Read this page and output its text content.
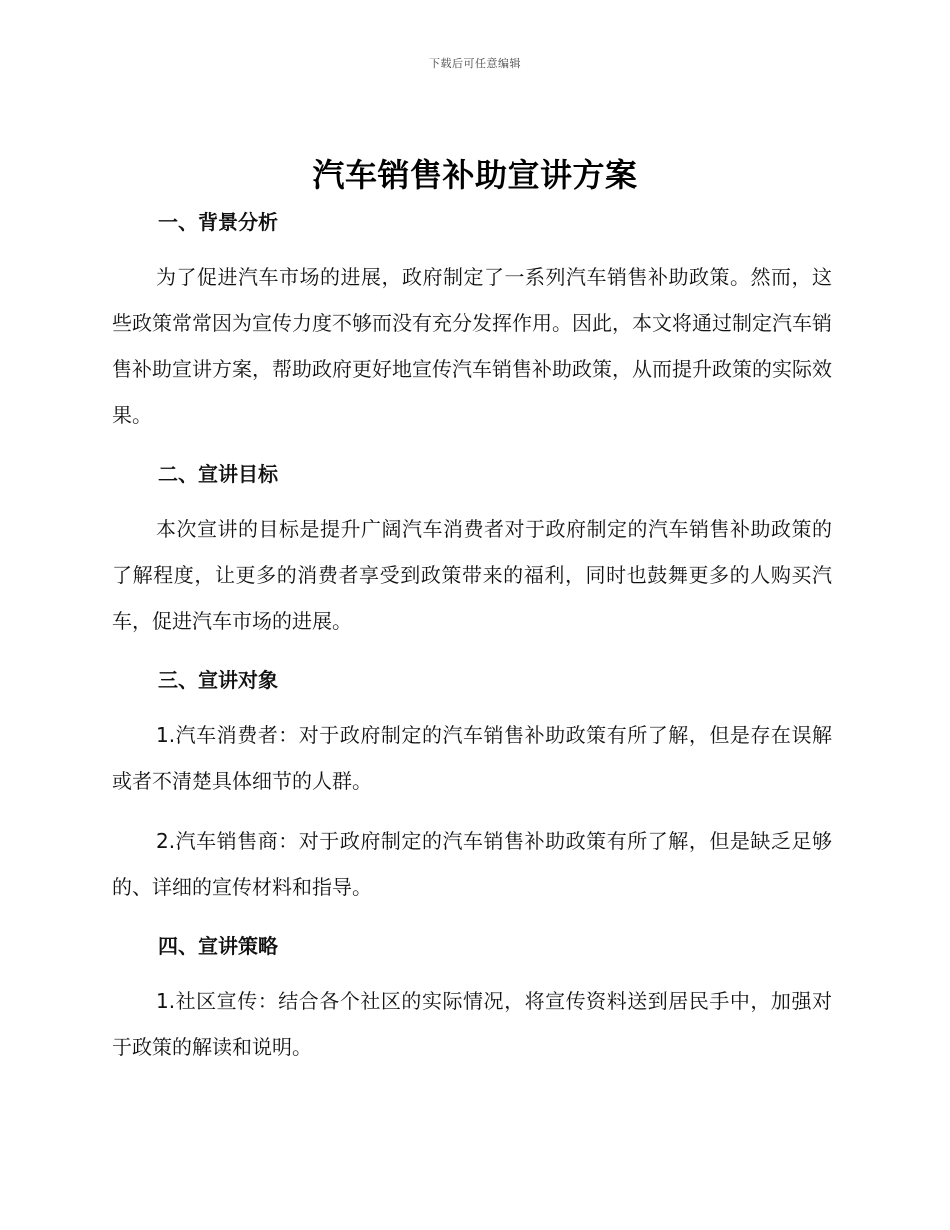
下载后可任意编辑
汽车销售补助宣讲方案
一、背景分析

为了促进汽车市场的进展，政府制定了一系列汽车销售补助政策。然而，这些政策常常因为宣传力度不够而没有充分发挥作用。因此，本文将通过制定汽车销售补助宣讲方案，帮助政府更好地宣传汽车销售补助政策，从而提升政策的实际效果。

二、宣讲目标

本次宣讲的目标是提升广阔汽车消费者对于政府制定的汽车销售补助政策的了解程度，让更多的消费者享受到政策带来的福利，同时也鼓舞更多的人购买汽车，促进汽车市场的进展。

三、宣讲对象

1.汽车消费者：对于政府制定的汽车销售补助政策有所了解，但是存在误解或者不清楚具体细节的人群。

2.汽车销售商：对于政府制定的汽车销售补助政策有所了解，但是缺乏足够的、详细的宣传材料和指导。

四、宣讲策略

1.社区宣传：结合各个社区的实际情况，将宣传资料送到居民手中，加强对于政策的解读和说明。
